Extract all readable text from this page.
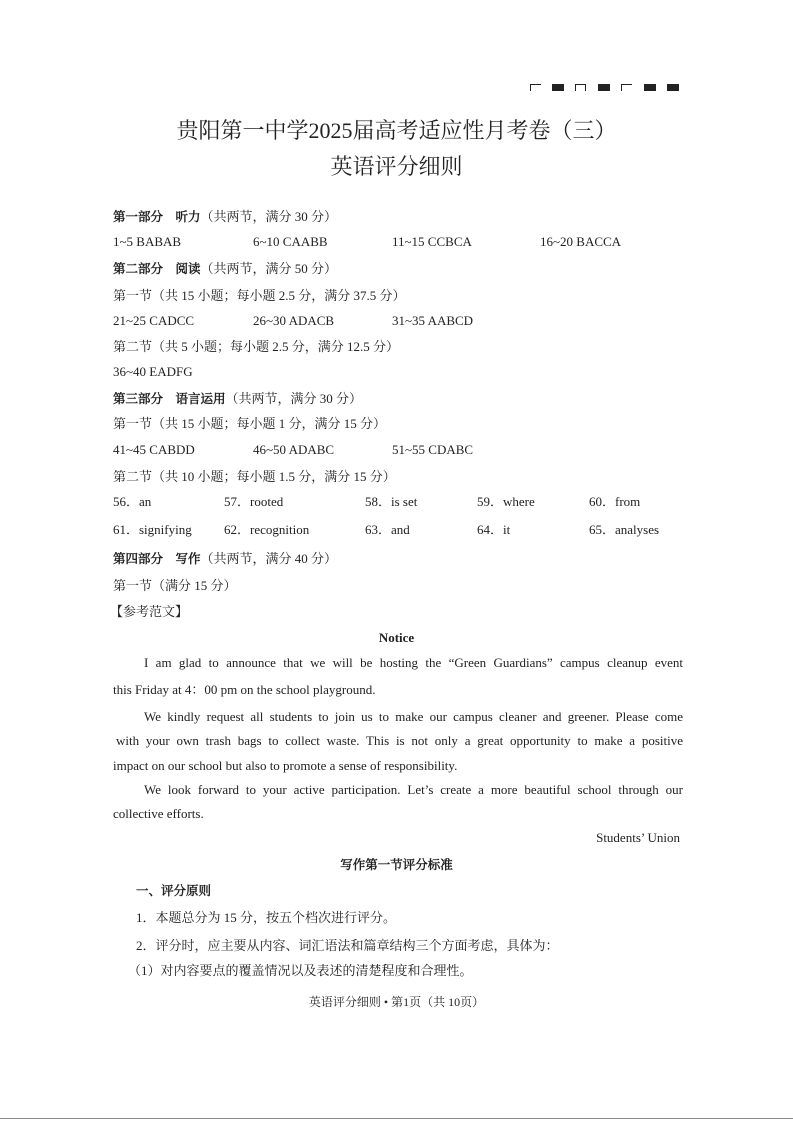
贵阳第一中学2025届高考适应性月考卷（三）
英语评分细则
第一部分　听力（共两节，满分 30 分）
1~5 BABAB	6~10 CAABB	11~15 CCBCA	16~20 BACCA
第二部分　阅读（共两节，满分 50 分）
第一节（共 15 小题；每小题 2.5 分，满分 37.5 分）
21~25 CADCC	26~30 ADACB	31~35 AABCD
第二节（共 5 小题；每小题 2.5 分，满分 12.5 分）
36~40 EADFG
第三部分　语言运用（共两节，满分 30 分）
第一节（共 15 小题；每小题 1 分，满分 15 分）
41~45 CABDD	46~50 ADABC	51~55 CDABC
第二节（共 10 小题；每小题 1.5 分，满分 15 分）
56．an	57．rooted	58．is set	59．where	60．from
61．signifying 62．recognition	63．and	64．it	65．analyses
第四部分　写作（共两节，满分 40 分）
第一节（满分 15 分）
【参考范文】
Notice
I am glad to announce that we will be hosting the “Green Guardians” campus cleanup event
this Friday at 4：00 pm on the school playground.
We kindly request all students to join us to make our campus cleaner and greener. Please come
with your own trash bags to collect waste. This is not only a great opportunity to make a positive
impact on our school but also to promote a sense of responsibility.
We look forward to your active participation. Let’s create a more beautiful school through our
collective efforts.
Students’ Union
写作第一节评分标准
一、评分原则
1．本题总分为 15 分，按五个档次进行评分。
2．评分时，应主要从内容、词汇语法和篇章结构三个方面考虑，具体为：
（1）对内容要点的覆盖情况以及表述的清楚程度和合理性。
英语评分细则 • 第1页（共 10页）
